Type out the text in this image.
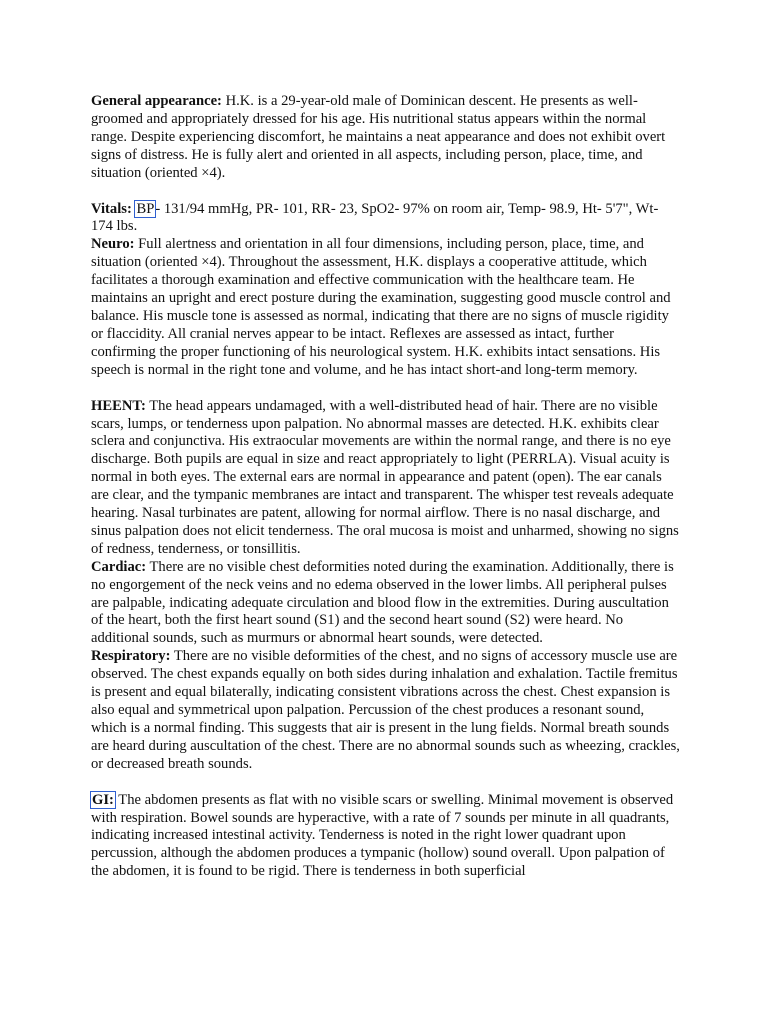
General appearance: H.K. is a 29-year-old male of Dominican descent. He presents as well-groomed and appropriately dressed for his age. His nutritional status appears within the normal range. Despite experiencing discomfort, he maintains a neat appearance and does not exhibit overt signs of distress. He is fully alert and oriented in all aspects, including person, place, time, and situation (oriented ×4).

Vitals: BP- 131/94 mmHg, PR- 101, RR- 23, SpO2- 97% on room air, Temp- 98.9, Ht- 5'7", Wt- 174 lbs.

Neuro: Full alertness and orientation in all four dimensions, including person, place, time, and situation (oriented ×4). Throughout the assessment, H.K. displays a cooperative attitude, which facilitates a thorough examination and effective communication with the healthcare team. He maintains an upright and erect posture during the examination, suggesting good muscle control and balance. His muscle tone is assessed as normal, indicating that there are no signs of muscle rigidity or flaccidity. All cranial nerves appear to be intact. Reflexes are assessed as intact, further confirming the proper functioning of his neurological system. H.K. exhibits intact sensations. His speech is normal in the right tone and volume, and he has intact short-and long-term memory.

HEENT: The head appears undamaged, with a well-distributed head of hair. There are no visible scars, lumps, or tenderness upon palpation. No abnormal masses are detected. H.K. exhibits clear sclera and conjunctiva. His extraocular movements are within the normal range, and there is no eye discharge. Both pupils are equal in size and react appropriately to light (PERRLA). Visual acuity is normal in both eyes. The external ears are normal in appearance and patent (open). The ear canals are clear, and the tympanic membranes are intact and transparent. The whisper test reveals adequate hearing. Nasal turbinates are patent, allowing for normal airflow. There is no nasal discharge, and sinus palpation does not elicit tenderness. The oral mucosa is moist and unharmed, showing no signs of redness, tenderness, or tonsillitis.

Cardiac: There are no visible chest deformities noted during the examination. Additionally, there is no engorgement of the neck veins and no edema observed in the lower limbs. All peripheral pulses are palpable, indicating adequate circulation and blood flow in the extremities. During auscultation of the heart, both the first heart sound (S1) and the second heart sound (S2) were heard. No additional sounds, such as murmurs or abnormal heart sounds, were detected.

Respiratory: There are no visible deformities of the chest, and no signs of accessory muscle use are observed. The chest expands equally on both sides during inhalation and exhalation. Tactile fremitus is present and equal bilaterally, indicating consistent vibrations across the chest. Chest expansion is also equal and symmetrical upon palpation. Percussion of the chest produces a resonant sound, which is a normal finding. This suggests that air is present in the lung fields. Normal breath sounds are heard during auscultation of the chest. There are no abnormal sounds such as wheezing, crackles, or decreased breath sounds.

GI: The abdomen presents as flat with no visible scars or swelling. Minimal movement is observed with respiration. Bowel sounds are hyperactive, with a rate of 7 sounds per minute in all quadrants, indicating increased intestinal activity. Tenderness is noted in the right lower quadrant upon percussion, although the abdomen produces a tympanic (hollow) sound overall. Upon palpation of the abdomen, it is found to be rigid. There is tenderness in both superficial
